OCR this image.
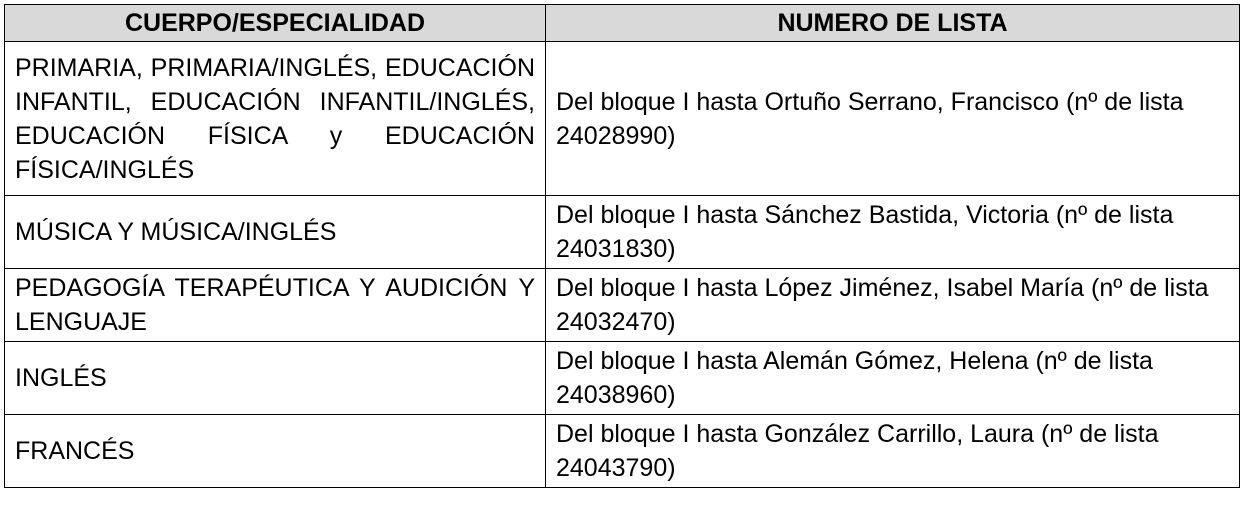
CUERPO/ESPECIALIDAD	NUMERO DE LISTA
PRIMARIA, PRIMARIA/INGLÉS, EDUCACIÓN INFANTIL, EDUCACIÓN INFANTIL/INGLÉS, EDUCACIÓN FÍSICA y EDUCACIÓN FÍSICA/INGLÉS	Del bloque I hasta Ortuño Serrano, Francisco (nº de lista 24028990)
MÚSICA Y MÚSICA/INGLÉS	Del bloque I hasta Sánchez Bastida, Victoria (nº de lista 24031830)
PEDAGOGÍA TERAPÉUTICA Y AUDICIÓN Y LENGUAJE	Del bloque I hasta López Jiménez, Isabel María (nº de lista 24032470)
INGLÉS	Del bloque I hasta Alemán Gómez, Helena (nº de lista 24038960)
FRANCÉS	Del bloque I hasta González Carrillo, Laura (nº de lista 24043790)
